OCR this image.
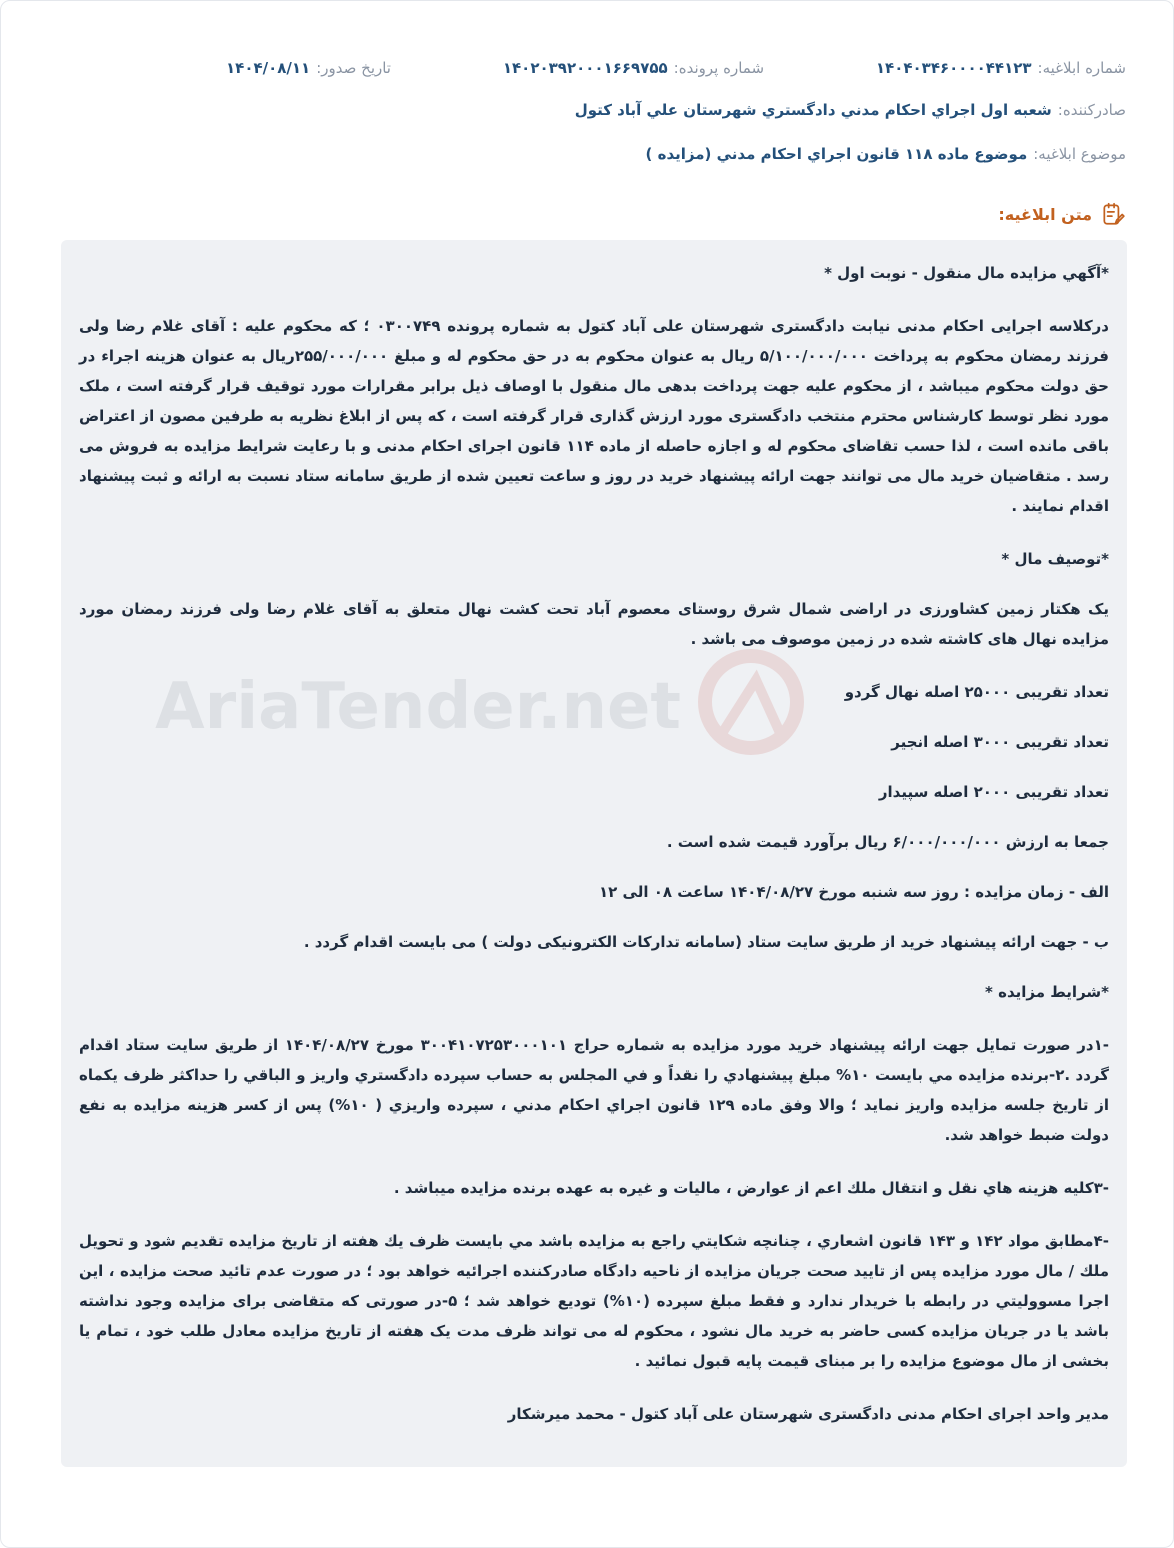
شماره ابلاغیه:
۱۴۰۴۰۳۴۶۰۰۰۰۴۴۱۲۳
شماره پرونده:
۱۴۰۲۰۳۹۲۰۰۰۱۶۶۹۷۵۵
تاریخ صدور:
۱۴۰۴/۰۸/۱۱
صادرکننده:
شعبه اول اجراي احكام مدني دادگستري شهرستان علي آباد كتول
موضوع ابلاغیه:
موضوع ماده ۱۱۸ قانون اجراي احكام مدني (مزايده )
متن ابلاغیه:
AriaTender.net

*آگهي مزايده مال منقول - نوبت اول *

درکلاسه اجرایی احکام مدنی نیابت دادگستری شهرستان علی آباد کتول به شماره پرونده ۰۳۰۰۷۴۹ ؛ که محکوم علیه : آقای غلام رضا ولی فرزند رمضان محکوم به پرداخت ۵/۱۰۰/۰۰۰/۰۰۰ ریال به عنوان محکوم به در حق محکوم له و مبلغ ۲۵۵/۰۰۰/۰۰۰ریال به عنوان هزینه اجراء در حق دولت محکوم میباشد ، از محکوم علیه جهت پرداخت بدهی مال منقول با اوصاف ذیل برابر مقرارات مورد توقیف قرار گرفته است ، ملک مورد نظر توسط کارشناس محترم منتخب دادگستری مورد ارزش گذاری قرار گرفته است ، که پس از ابلاغ نظریه به طرفین مصون از اعتراض باقی مانده است ، لذا حسب تقاضای محکوم له و اجازه حاصله از ماده ۱۱۴ قانون اجرای احکام مدنی و با رعایت شرایط مزایده به فروش می رسد . متقاضیان خرید مال می توانند جهت ارائه پیشنهاد خرید در روز و ساعت تعیین شده از طریق سامانه ستاد نسبت به ارائه و ثبت پیشنهاد اقدام نمایند .

*توصيف مال *

یک هکتار زمین کشاورزی در اراضی شمال شرق روستای معصوم آباد تحت کشت نهال متعلق به آقای غلام رضا ولی فرزند رمضان مورد مزایده نهال های کاشته شده در زمین موصوف می باشد .

تعداد تقریبی ۲۵۰۰۰ اصله نهال گردو

تعداد تقریبی ۳۰۰۰ اصله انجیر

تعداد تقریبی ۲۰۰۰ اصله سپیدار

جمعا به ارزش ۶/۰۰۰/۰۰۰/۰۰۰ ریال برآورد قیمت شده است .

الف - زمان مزایده : روز سه شنبه مورخ ۱۴۰۴/۰۸/۲۷ ساعت ۰۸ الی ۱۲

ب - جهت ارائه پیشنهاد خرید از طریق سایت ستاد (سامانه تدارکات الکترونیکی دولت ) می بایست اقدام گردد .

*شرايط مزايده *

-۱در صورت تمایل جهت ارائه پیشنهاد خرید مورد مزایده به شماره حراج ۳۰۰۴۱۰۷۲۵۳۰۰۰۱۰۱ مورخ ۱۴۰۴/۰۸/۲۷ از طریق سایت ستاد اقدام گردد .۲-برنده مزايده مي بايست ۱۰% مبلغ پيشنهادي را نقداً و في المجلس به حساب سپرده دادگستري واريز و الباقي را حداكثر ظرف يكماه از تاريخ جلسه مزايده واريز نمايد ؛ والا وفق ماده ۱۲۹ قانون اجراي احكام مدني ، سپرده واريزي ( ۱۰%) پس از كسر هزينه مزايده به نفع دولت ضبط خواهد شد.

-۳كليه هزينه هاي نقل و انتقال ملك اعم از عوارض ، ماليات و غيره به عهده برنده مزايده ميباشد .

-۴مطابق مواد ۱۴۲ و ۱۴۳ قانون اشعاري ، چنانچه شكايتي راجع به مزايده باشد مي بايست ظرف يك هفته از تاريخ مزايده تقديم شود و تحويل ملك / مال مورد مزايده پس از تاييد صحت جريان مزايده از ناحيه دادگاه صادركننده اجرائيه خواهد بود ؛ در صورت عدم تائيد صحت مزايده ، اين اجرا مسووليتي در رابطه با خريدار ندارد و فقط مبلغ سپرده (۱۰%) توديع خواهد شد ؛ ۵-در صورتی که متقاضی برای مزایده وجود نداشته باشد یا در جریان مزایده کسی حاضر به خرید مال نشود ، محکوم له می تواند ظرف مدت یک هفته از تاریخ مزایده معادل طلب خود ، تمام یا بخشی از مال موضوع مزایده را بر مبنای قیمت پایه قبول نمائید .

مدیر واحد اجرای احکام مدنی دادگستری شهرستان علی آباد کتول - محمد میرشکار
